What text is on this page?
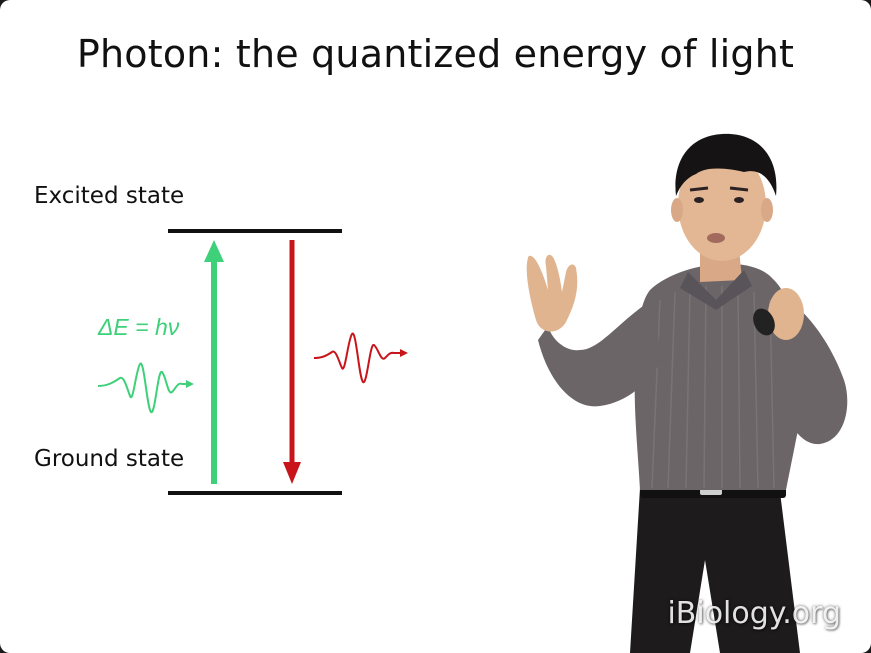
Photon: the quantized energy of light
Excited state
Ground state
ΔE = hν
iBiology.org
